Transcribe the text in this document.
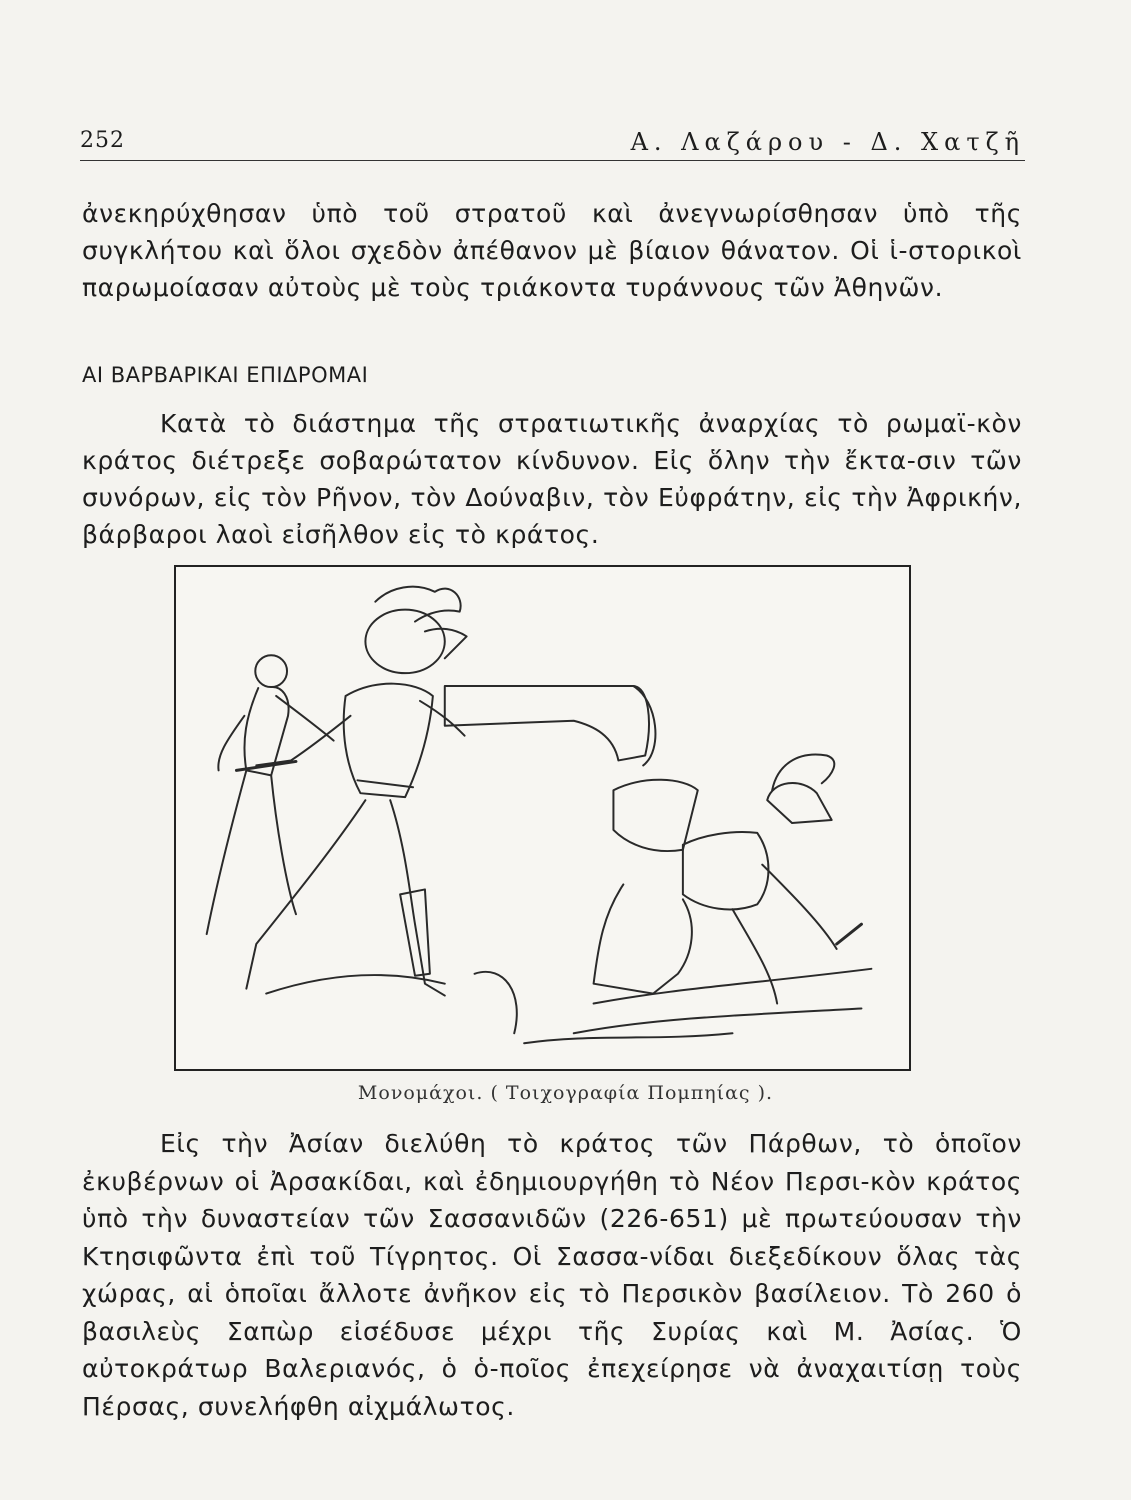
252	Α. Λαζάρου - Δ. Χατζῆ

ἀνεκηρύχθησαν ὑπὸ τοῦ στρατοῦ καὶ ἀνεγνωρίσθησαν ὑπὸ τῆς συγκλήτου καὶ ὅλοι σχεδὸν ἀπέθανον μὲ βίαιον θάνατον. Οἱ ἱ-στορικοὶ παρωμοίασαν αὐτοὺς μὲ τοὺς τριάκοντα τυράννους τῶν Ἀθηνῶν.

ΑΙ ΒΑΡΒΑΡΙΚΑΙ ΕΠΙΔΡΟΜΑΙ

Κατὰ τὸ διάστημα τῆς στρατιωτικῆς ἀναρχίας τὸ ρωμαϊ-κὸν κράτος διέτρεξε σοβαρώτατον κίνδυνον. Εἰς ὅλην τὴν ἔκτα-σιν τῶν συνόρων, εἰς τὸν Ρῆνον, τὸν Δούναβιν, τὸν Εὐφράτην, εἰς τὴν Ἀφρικήν, βάρβαροι λαοὶ εἰσῆλθον εἰς τὸ κράτος.

Μονομάχοι. ( Τοιχογραφία Πομπηίας ).

Εἰς τὴν Ἀσίαν διελύθη τὸ κράτος τῶν Πάρθων, τὸ ὁποῖον ἐκυβέρνων οἱ Ἀρσακίδαι, καὶ ἐδημιουργήθη τὸ Νέον Περσι-κὸν κράτος ὑπὸ τὴν δυναστείαν τῶν Σασσανιδῶν (226-651) μὲ πρωτεύουσαν τὴν Κτησιφῶντα ἐπὶ τοῦ Τίγρητος. Οἱ Σασσα-νίδαι διεξεδίκουν ὅλας τὰς χώρας, αἱ ὁποῖαι ἄλλοτε ἀνῆκον εἰς τὸ Περσικὸν βασίλειον. Τὸ 260 ὁ βασιλεὺς Σαπὼρ εἰσέδυσε μέχρι τῆς Συρίας καὶ Μ. Ἀσίας. Ὁ αὐτοκράτωρ Βαλεριανός, ὁ ὁ-ποῖος ἐπεχείρησε νὰ ἀναχαιτίσῃ τοὺς Πέρσας, συνελήφθη αἰχμάλωτος.
